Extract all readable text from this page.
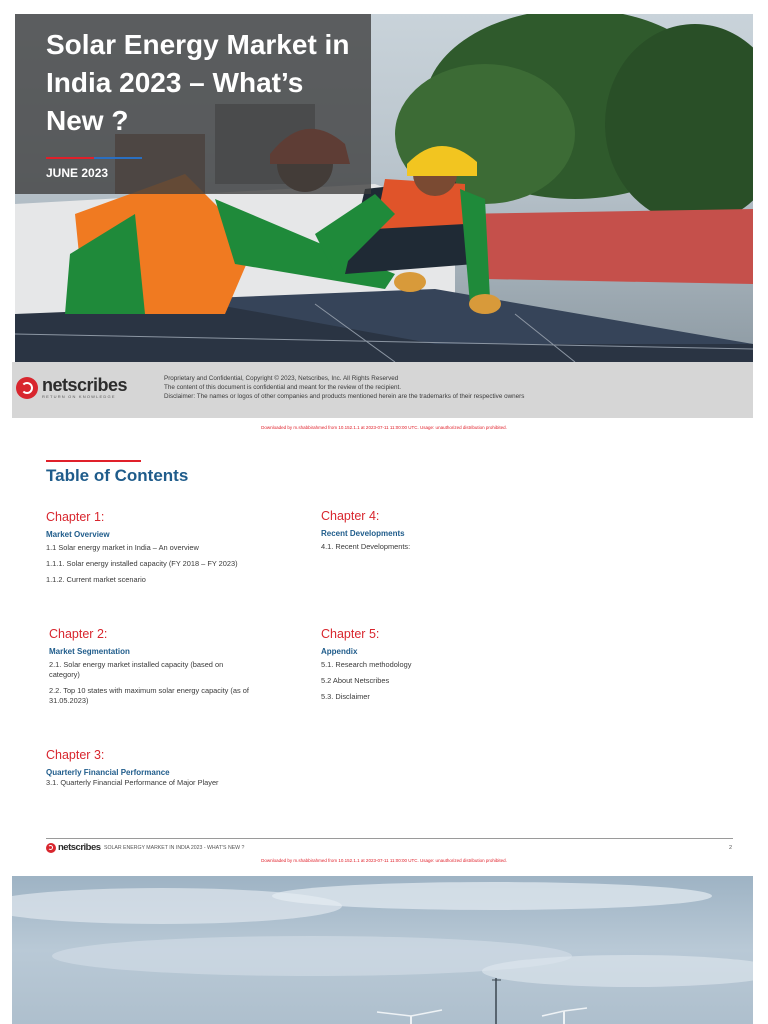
Solar Energy Market in India 2023 – What’s New ?
JUNE 2023
netscribes
RETURN ON KNOWLEDGE
Proprietary and Confidential, Copyright © 2023, Netscribes, Inc. All Rights Reserved
The content of this document is confidential and meant for the review of the recipient.
Disclaimer: The names or logos of other companies and products mentioned herein are the trademarks of their respective owners
Downloaded by m.shabbirahmed from 10.152.1.1 at 2023-07-11 11:00:00 UTC. Usage: unauthorized distribution prohibited.
Table of Contents
Chapter 1:
Market Overview
1.1 Solar energy market in India – An overview
1.1.1. Solar energy installed capacity (FY 2018 – FY 2023)
1.1.2. Current market scenario
Chapter 2:
Market Segmentation
2.1. Solar energy market installed capacity (based on category)
2.2. Top 10 states with maximum solar energy capacity (as of 31.05.2023)
Chapter 3:
Quarterly Financial Performance
3.1. Quarterly Financial Performance of Major Player
Chapter 4:
Recent Developments
4.1. Recent Developments:
Chapter 5:
Appendix
5.1. Research methodology
5.2 About Netscribes
5.3. Disclaimer
netscribes SOLAR ENERGY MARKET IN INDIA 2023 - WHAT’S NEW ?	2
Downloaded by m.shabbirahmed from 10.152.1.1 at 2023-07-11 11:00:00 UTC. Usage: unauthorized distribution prohibited.
